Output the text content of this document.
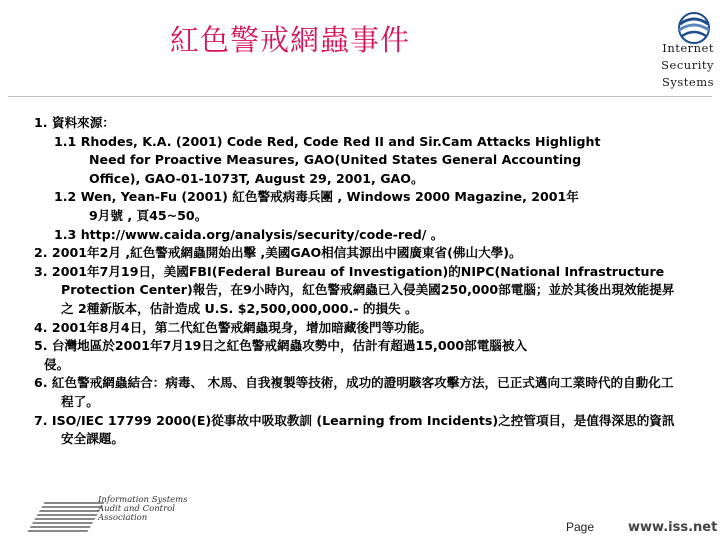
紅色警戒網蟲事件	Internet
Security
Systems

1. 資料來源：

1.1 Rhodes, K.A. (2001) Code Red, Code Red II and Sir.Cam Attacks Highlight

Need for Proactive Measures, GAO(United States General Accounting

Office), GAO-01-1073T, August 29, 2001, GAO。

1.2 Wen, Yean-Fu (2001) 紅色警戒病毒兵團 , Windows 2000 Magazine, 2001年

9月號 , 頁45~50。

1.3 http://www.caida.org/analysis/security/code-red/ 。

2. 2001年2月 ,紅色警戒網蟲開始出擊 ,美國GAO相信其源出中國廣東省(佛山大學)。

3. 2001年7月19日，美國FBI(Federal Bureau of Investigation)的NIPC(National Infrastructure Protection Center)報告，在9小時內，紅色警戒網蟲已入侵美國250,000部電腦；並於其後出現效能提昇之 2種新版本，估計造成 U.S. $2,500,000,000.- 的損失 。

4. 2001年8月4日，第二代紅色警戒網蟲現身，增加暗藏後門等功能。

5. 台灣地區於2001年7月19日之紅色警戒網蟲攻勢中，估計有超過15,000部電腦被入

侵。

6. 紅色警戒網蟲結合：病毒、 木馬、自我複製等技術，成功的證明駭客攻擊方法，已正式邁向工業時代的自動化工程了。

7. ISO/IEC 17799 2000(E)從事故中吸取教訓 (Learning from Incidents)之控管項目，是值得深思的資訊安全課題。

Information Systems
Audit and Control
Association
Page	www.iss.net
